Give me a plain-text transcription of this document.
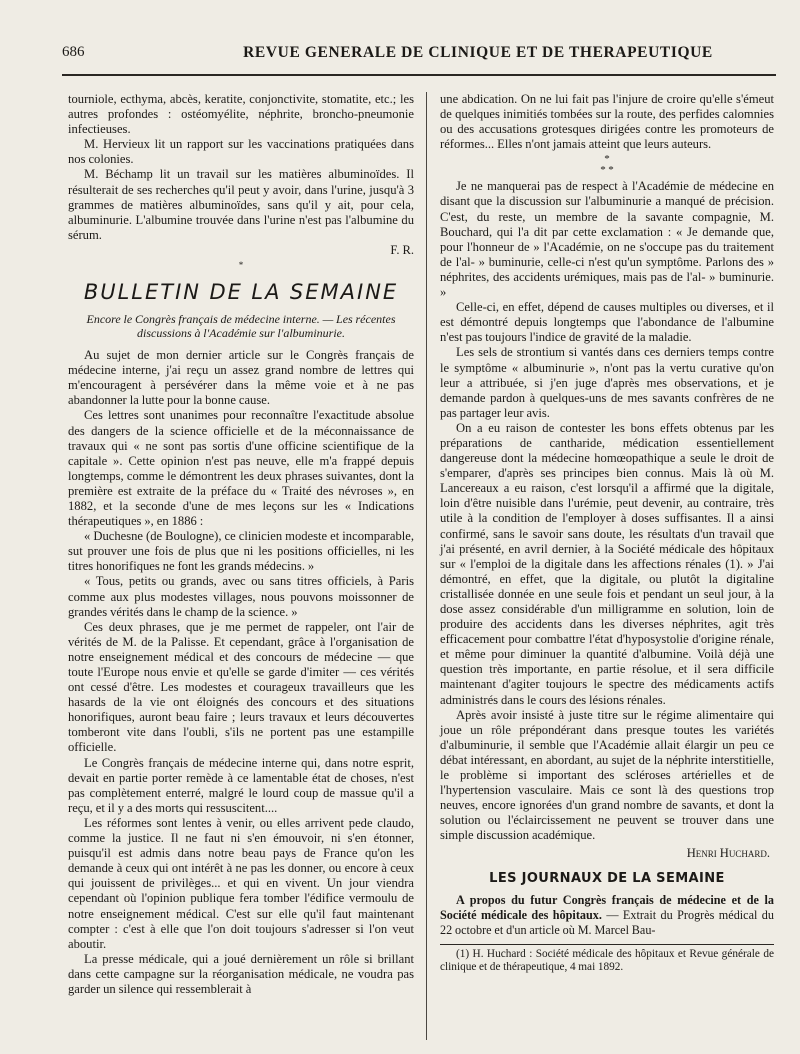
686	REVUE GENERALE DE CLINIQUE ET DE THERAPEUTIQUE

tourniole, ecthyma, abcès, keratite, conjonctivite, stomatite, etc.; les autres profondes : ostéomyélite, néphrite, broncho-pneumonie infectieuses.

M. Hervieux lit un rapport sur les vaccinations pratiquées dans nos colonies.

M. Béchamp lit un travail sur les matières albuminoïdes. Il résulterait de ses recherches qu'il peut y avoir, dans l'urine, jusqu'à 3 grammes de matières albuminoïdes, sans qu'il y ait, pour cela, albuminurie. L'albumine trouvée dans l'urine n'est pas l'albumine du sérum.

F. R.
*
BULLETIN DE LA SEMAINE
Encore le Congrès français de médecine interne. — Les récentes discussions à l'Académie sur l'albuminurie.

Au sujet de mon dernier article sur le Congrès français de médecine interne, j'ai reçu un assez grand nombre de lettres qui m'encouragent à persévérer dans la même voie et à ne pas abandonner la lutte pour la bonne cause.

Ces lettres sont unanimes pour reconnaître l'exactitude absolue des dangers de la science officielle et de la méconnaissance de travaux qui « ne sont pas sortis d'une officine scientifique de la capitale ». Cette opinion n'est pas neuve, elle m'a frappé depuis longtemps, comme le démontrent les deux phrases suivantes, dont la première est extraite de la préface du « Traité des névroses », en 1882, et la seconde d'une de mes leçons sur les « Indications thérapeutiques », en 1886 :

« Duchesne (de Boulogne), ce clinicien modeste et incomparable, sut prouver une fois de plus que ni les positions officielles, ni les titres honorifiques ne font les grands médecins. »

« Tous, petits ou grands, avec ou sans titres officiels, à Paris comme aux plus modestes villages, nous pouvons moissonner de grandes vérités dans le champ de la science. »

Ces deux phrases, que je me permet de rappeler, ont l'air de vérités de M. de la Palisse. Et cependant, grâce à l'organisation de notre enseignement médical et des concours de médecine — que toute l'Europe nous envie et qu'elle se garde d'imiter — ces vérités ont cessé d'être. Les modestes et courageux travailleurs que les hasards de la vie ont éloignés des concours et des situations honorifiques, auront beau faire ; leurs travaux et leurs découvertes tomberont vite dans l'oubli, s'ils ne portent pas une estampille officielle.

Le Congrès français de médecine interne qui, dans notre esprit, devait en partie porter remède à ce lamentable état de choses, n'est pas complètement enterré, malgré le lourd coup de massue qu'il a reçu, et il y a des morts qui ressuscitent....

Les réformes sont lentes à venir, ou elles arrivent pede claudo, comme la justice. Il ne faut ni s'en émouvoir, ni s'en étonner, puisqu'il est admis dans notre beau pays de France qu'on les demande à ceux qui ont intérêt à ne pas les donner, ou encore à ceux qui jouissent de privilèges... et qui en vivent. Un jour viendra cependant où l'opinion publique fera tomber l'édifice vermoulu de notre enseignement médical. C'est sur elle qu'il faut maintenant compter : c'est à elle que l'on doit toujours s'adresser si l'on veut aboutir.

La presse médicale, qui a joué dernièrement un rôle si brillant dans cette campagne sur la réorganisation médicale, ne voudra pas garder un silence qui ressemblerait à

une abdication. On ne lui fait pas l'injure de croire qu'elle s'émeut de quelques inimitiés tombées sur la route, des perfides calomnies ou des accusations grotesques dirigées contre les promoteurs de réformes... Elles n'ont jamais atteint que leurs auteurs.

*
* *

Je ne manquerai pas de respect à l'Académie de médecine en disant que la discussion sur l'albuminurie a manqué de précision. C'est, du reste, un membre de la savante compagnie, M. Bouchard, qui l'a dit par cette exclamation : « Je demande que, pour l'honneur de » l'Académie, on ne s'occupe pas du traitement de l'al- » buminurie, celle-ci n'est qu'un symptôme. Parlons des » néphrites, des accidents urémiques, mais pas de l'al- » buminurie. »

Celle-ci, en effet, dépend de causes multiples ou diverses, et il est démontré depuis longtemps que l'abondance de l'albumine n'est pas toujours l'indice de gravité de la maladie.

Les sels de strontium si vantés dans ces derniers temps contre le symptôme « albuminurie », n'ont pas la vertu curative qu'on leur a attribuée, si j'en juge d'après mes observations, et je demande pardon à quelques-uns de mes savants confrères de ne pas partager leur avis.

On a eu raison de contester les bons effets obtenus par les préparations de cantharide, médication essentiellement dangereuse dont la médecine homœopathique a seule le droit de s'emparer, d'après ses principes bien connus. Mais là où M. Lancereaux a eu raison, c'est lorsqu'il a affirmé que la digitale, loin d'être nuisible dans l'urémie, peut devenir, au contraire, très utile à la condition de l'employer à doses suffisantes. Il a ainsi confirmé, sans le savoir sans doute, les résultats d'un travail que j'ai présenté, en avril dernier, à la Société médicale des hôpitaux sur « l'emploi de la digitale dans les affections rénales (1). » J'ai démontré, en effet, que la digitale, ou plutôt la digitaline cristallisée donnée en une seule fois et pendant un seul jour, à la dose assez considérable d'un milligramme en solution, loin de produire des accidents dans les diverses néphrites, agit très efficacement pour combattre l'état d'hyposystolie d'origine rénale, et même pour diminuer la quantité d'albumine. Voilà déjà une question très importante, en partie résolue, et il sera difficile maintenant d'agiter toujours le spectre des médicaments actifs administrés dans le cours des lésions rénales.

Après avoir insisté à juste titre sur le régime alimentaire qui joue un rôle prépondérant dans presque toutes les variétés d'albuminurie, il semble que l'Académie allait élargir un peu ce débat intéressant, en abordant, au sujet de la néphrite interstitielle, le problème si important des scléroses artérielles et de l'hypertension vasculaire. Mais ce sont là des questions trop neuves, encore ignorées d'un grand nombre de savants, et dont la solution ou l'éclaircissement ne peuvent se trouver dans une simple discussion académique.

Henri Huchard.
LES JOURNAUX DE LA SEMAINE

A propos du futur Congrès français de médecine et de la Société médicale des hôpitaux. — Extrait du Progrès médical du 22 octobre et d'un article où M. Marcel Bau-

(1) H. Huchard : Société médicale des hôpitaux et Revue générale de clinique et de thérapeutique, 4 mai 1892.
